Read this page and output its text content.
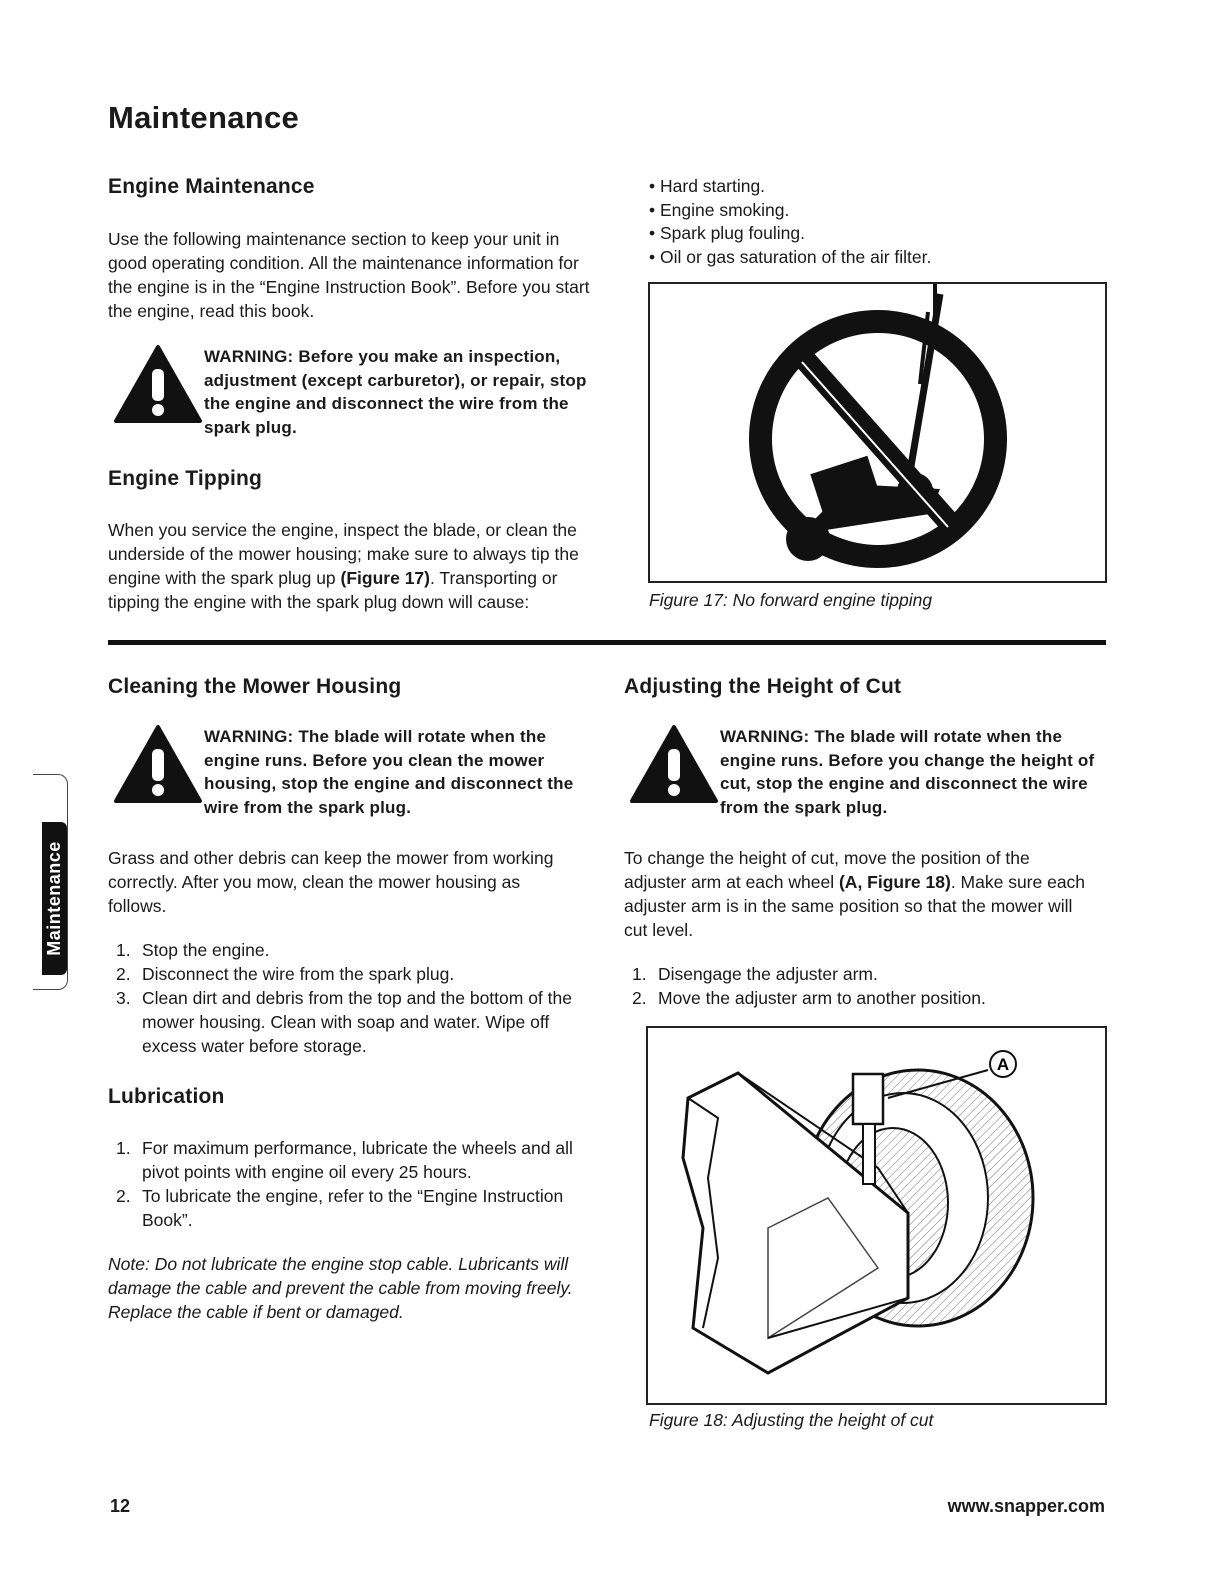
Maintenance
Engine Maintenance
Use the following maintenance section to keep your unit in good operating condition. All the maintenance information for the engine is in the “Engine Instruction Book”. Before you start the engine, read this book.
WARNING: Before you make an inspection, adjustment (except carburetor), or repair, stop the engine and disconnect the wire from the spark plug.
Engine Tipping
When you service the engine, inspect the blade, or clean the underside of the mower housing; make sure to always tip the engine with the spark plug up (Figure 17). Transporting or tipping the engine with the spark plug down will cause:
• Hard starting.
• Engine smoking.
• Spark plug fouling.
• Oil or gas saturation of the air filter.
Figure 17: No forward engine tipping
Maintenance
Cleaning the Mower Housing
WARNING: The blade will rotate when the engine runs. Before you clean the mower housing, stop the engine and disconnect the wire from the spark plug.
Grass and other debris can keep the mower from working correctly. After you mow, clean the mower housing as follows.
1. Stop the engine.
2. Disconnect the wire from the spark plug.
3. Clean dirt and debris from the top and the bottom of the mower housing. Clean with soap and water. Wipe off excess water before storage.
Lubrication
1. For maximum performance, lubricate the wheels and all pivot points with engine oil every 25 hours.
2. To lubricate the engine, refer to the “Engine Instruction Book”.
Note: Do not lubricate the engine stop cable. Lubricants will damage the cable and prevent the cable from moving freely. Replace the cable if bent or damaged.
Adjusting the Height of Cut
WARNING: The blade will rotate when the engine runs. Before you change the height of cut, stop the engine and disconnect the wire from the spark plug.
To change the height of cut, move the position of the adjuster arm at each wheel (A, Figure 18). Make sure each adjuster arm is in the same position so that the mower will cut level.
1. Disengage the adjuster arm.
2. Move the adjuster arm to another position.
A
Figure 18: Adjusting the height of cut
12	www.snapper.com
